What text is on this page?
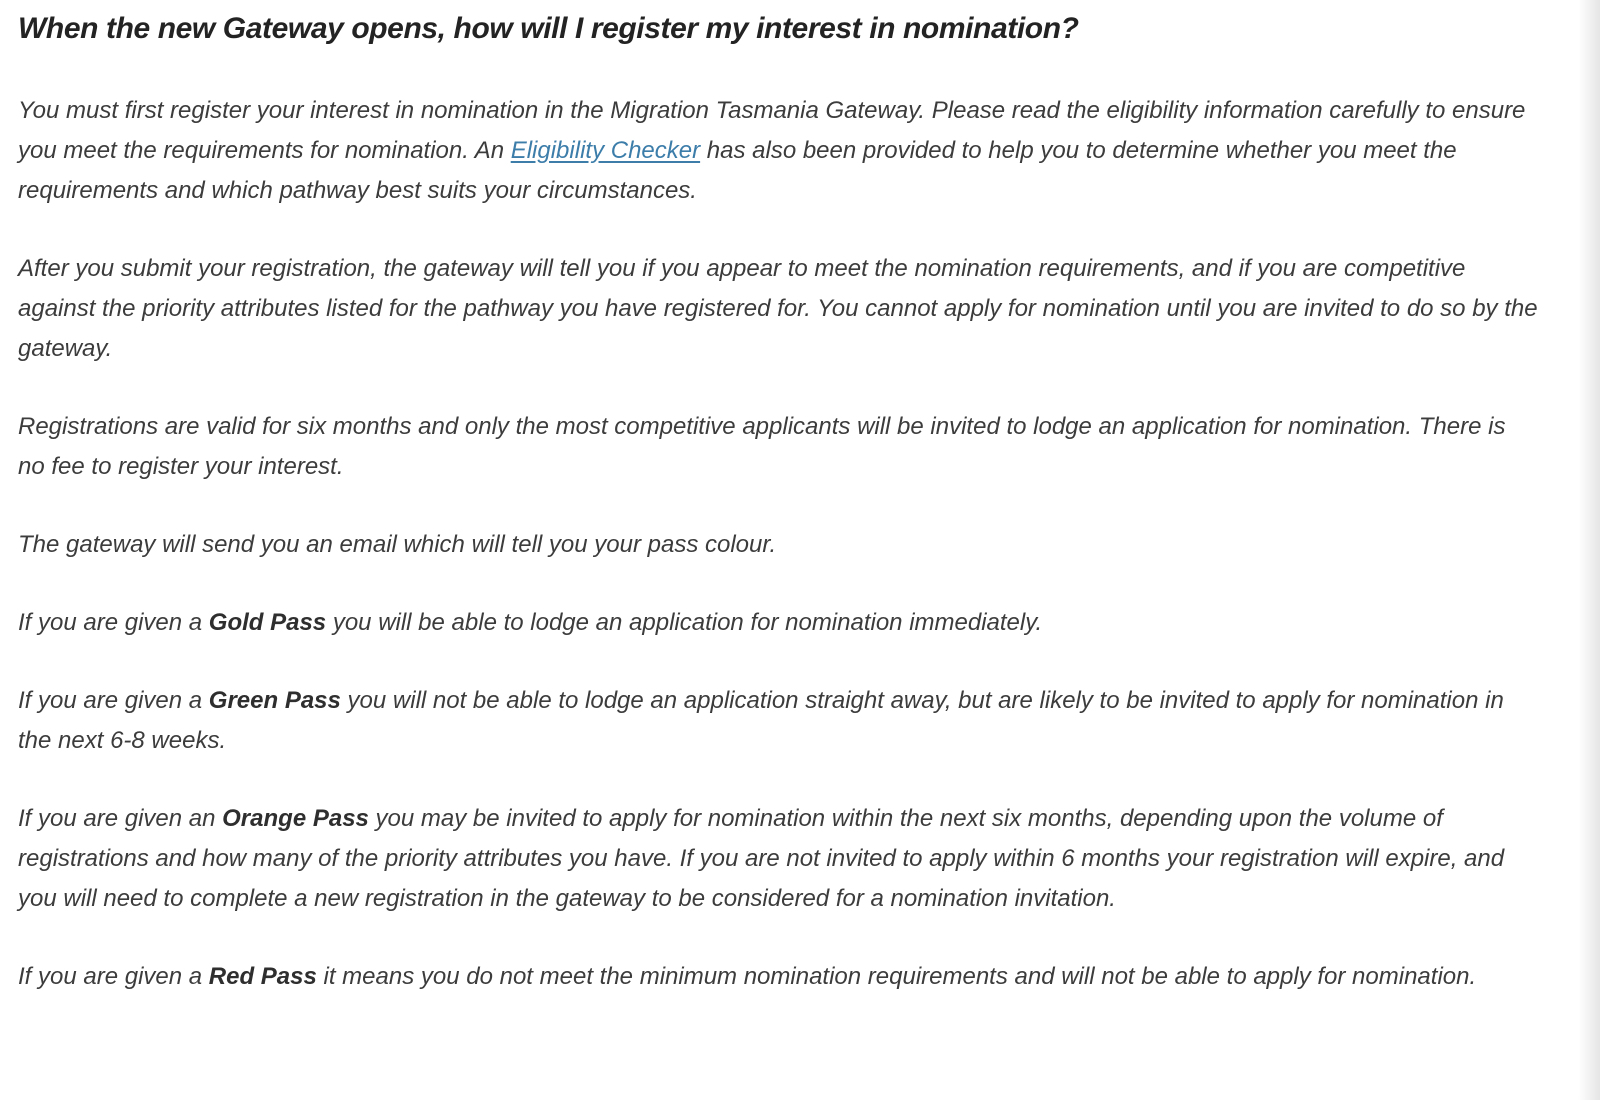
When the new Gateway opens, how will I register my interest in nomination?

You must first register your interest in nomination in the Migration Tasmania Gateway. Please read the eligibility information carefully to ensure you meet the requirements for nomination. An Eligibility Checker has also been provided to help you to determine whether you meet the requirements and which pathway best suits your circumstances.

After you submit your registration, the gateway will tell you if you appear to meet the nomination requirements, and if you are competitive against the priority attributes listed for the pathway you have registered for. You cannot apply for nomination until you are invited to do so by the gateway.

Registrations are valid for six months and only the most competitive applicants will be invited to lodge an application for nomination. There is no fee to register your interest.

The gateway will send you an email which will tell you your pass colour.

If you are given a Gold Pass you will be able to lodge an application for nomination immediately.

If you are given a Green Pass you will not be able to lodge an application straight away, but are likely to be invited to apply for nomination in the next 6-8 weeks.

If you are given an Orange Pass you may be invited to apply for nomination within the next six months, depending upon the volume of registrations and how many of the priority attributes you have. If you are not invited to apply within 6 months your registration will expire, and you will need to complete a new registration in the gateway to be considered for a nomination invitation.

If you are given a Red Pass it means you do not meet the minimum nomination requirements and will not be able to apply for nomination.
